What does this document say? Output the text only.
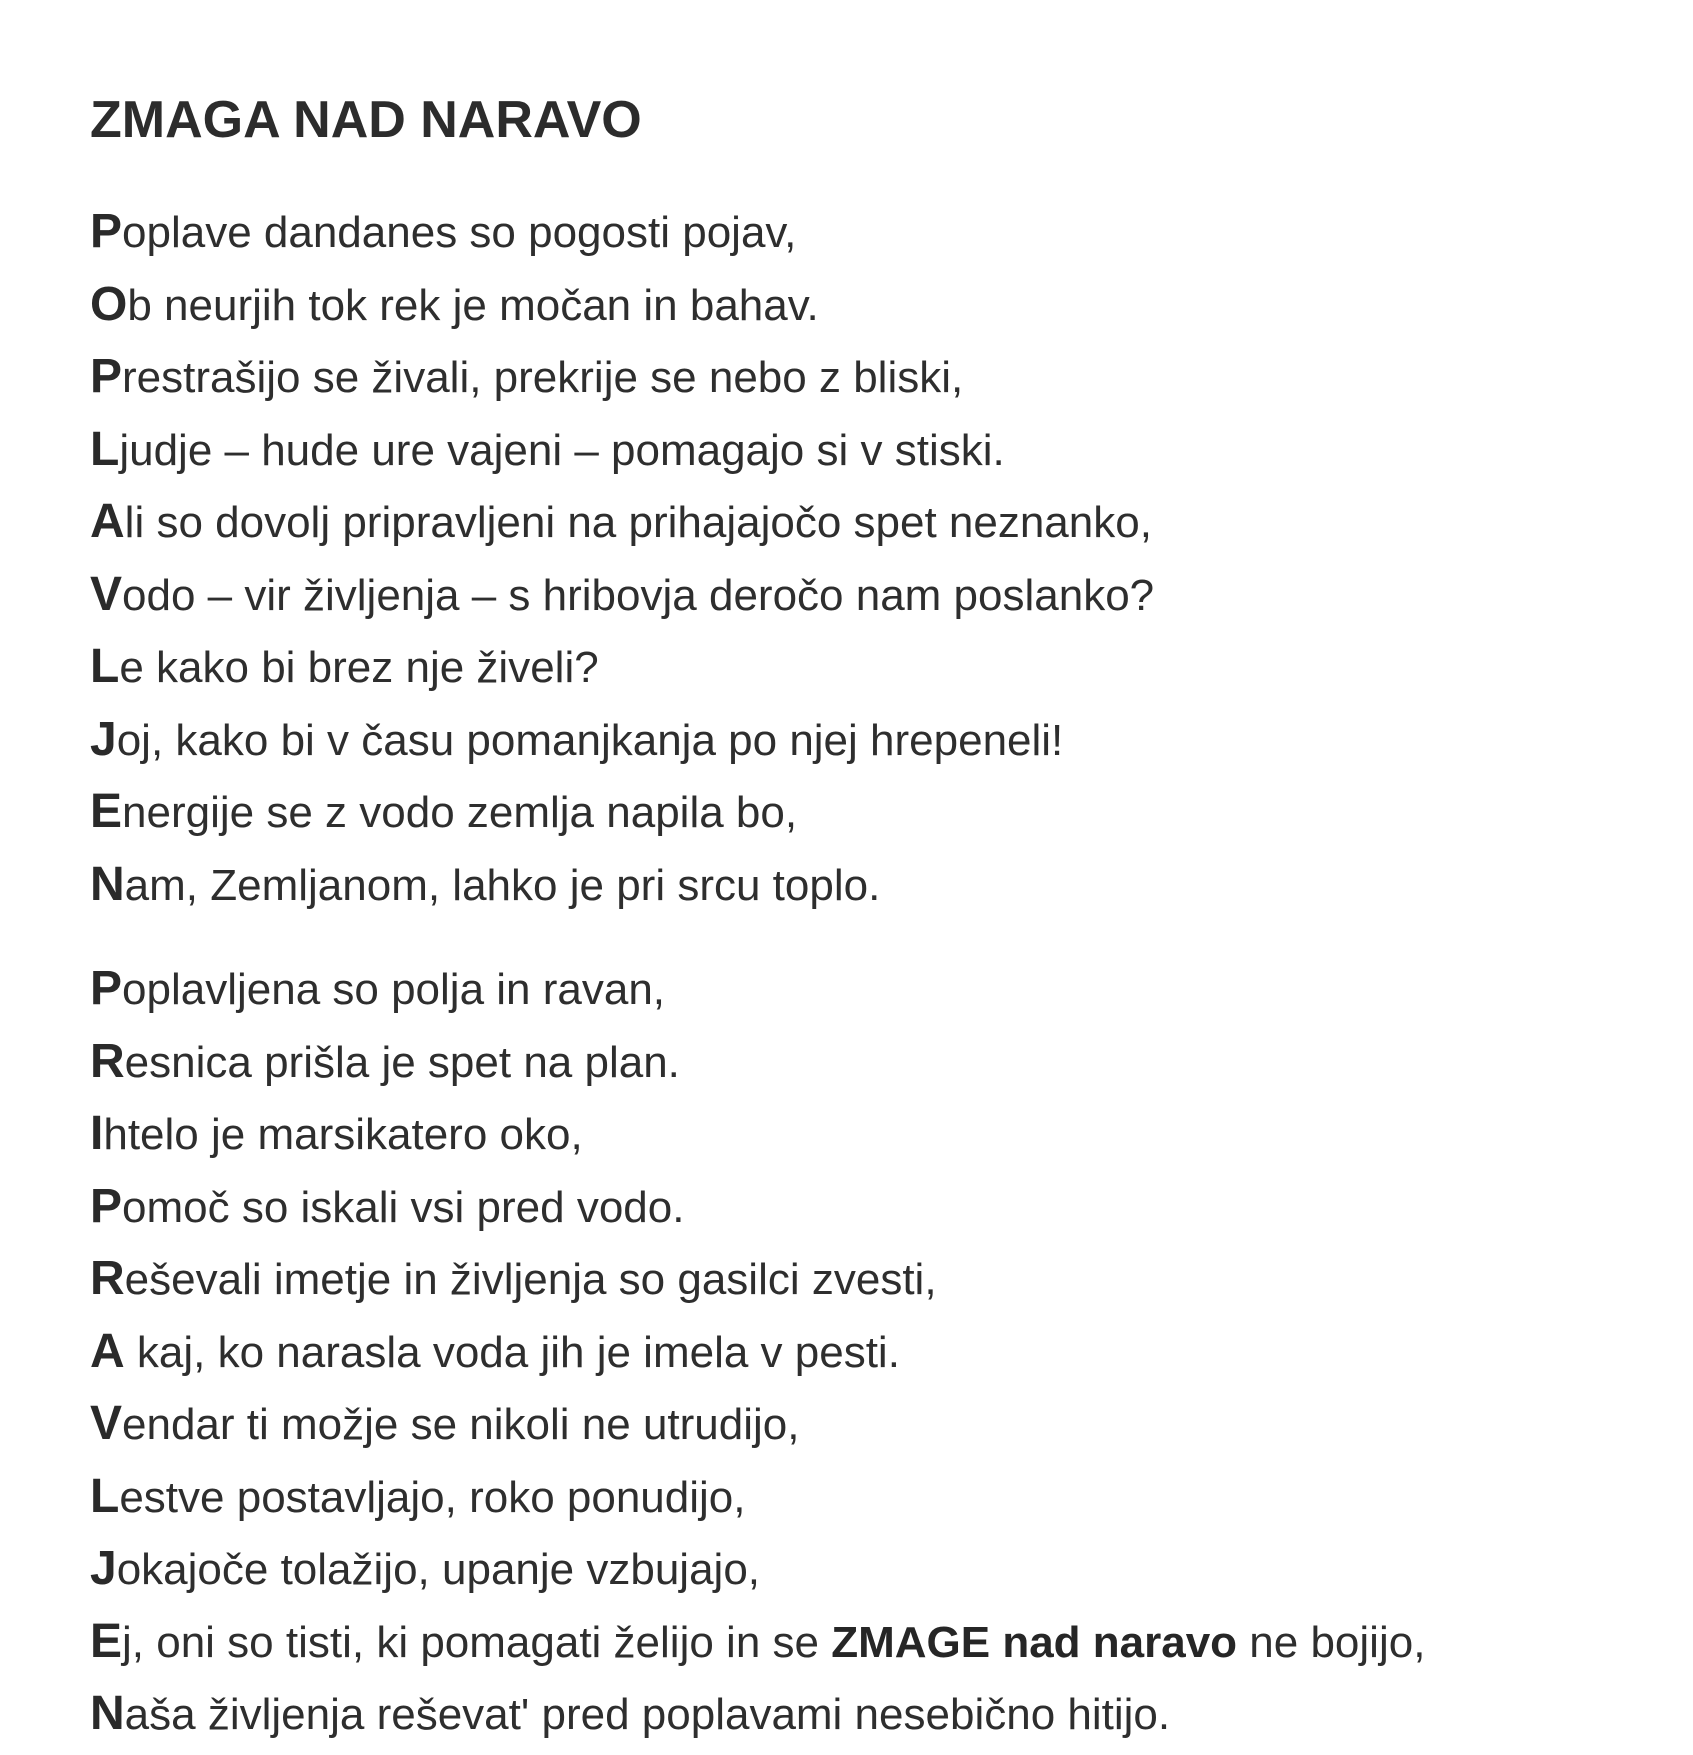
ZMAGA NAD NARAVO
Poplave dandanes so pogosti pojav,
Ob neurjih tok rek je močan in bahav.
Prestrašijo se živali, prekrije se nebo z bliski,
Ljudje – hude ure vajeni – pomagajo si v stiski.
Ali so dovolj pripravljeni na prihajajočo spet neznanko,
Vodo – vir življenja – s hribovja deročo nam poslanko?
Le kako bi brez nje živeli?
Joj, kako bi v času pomanjkanja po njej hrepeneli!
Energije se z vodo zemlja napila bo,
Nam, Zemljanom, lahko je pri srcu toplo.
Poplavljena so polja in ravan,
Resnica prišla je spet na plan.
Ihtelo je marsikatero oko,
Pomoč so iskali vsi pred vodo.
Reševali imetje in življenja so gasilci zvesti,
A kaj, ko narasla voda jih je imela v pesti.
Vendar ti možje se nikoli ne utrudijo,
Lestve postavljajo, roko ponudijo,
Jokajoče tolažijo, upanje vzbujajo,
Ej, oni so tisti, ki pomagati želijo in se ZMAGE nad naravo ne bojijo,
Naša življenja reševat' pred poplavami nesebično hitijo.
